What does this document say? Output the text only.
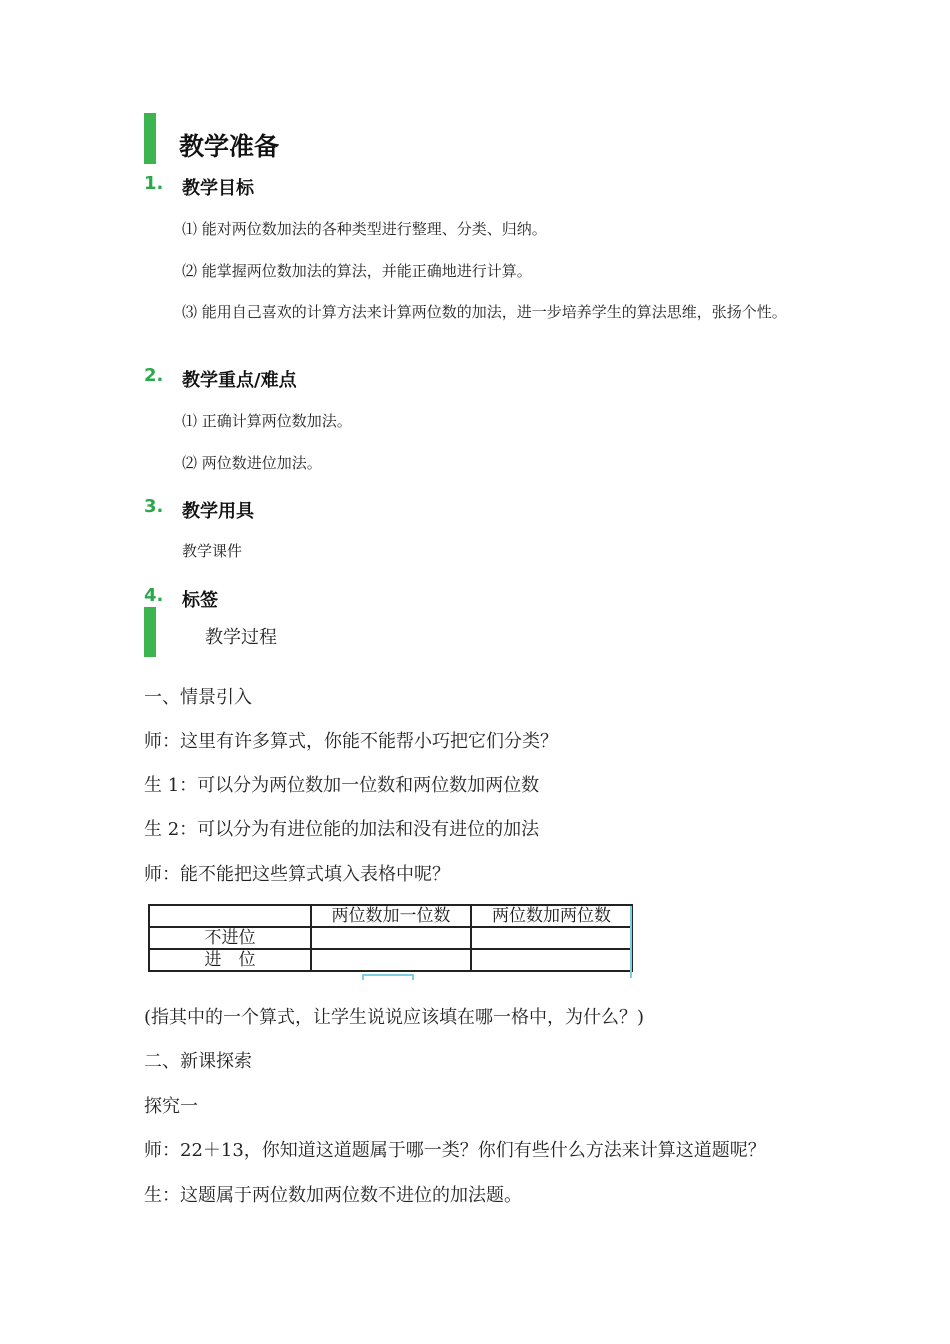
教学准备
1. 教学目标
⑴ 能对两位数加法的各种类型进行整理、分类、归纳。
⑵ 能掌握两位数加法的算法，并能正确地进行计算。
⑶ 能用自己喜欢的计算方法来计算两位数的加法，进一步培养学生的算法思维，张扬个性。
2. 教学重点/难点
⑴ 正确计算两位数加法。
⑵ 两位数进位加法。
3. 教学用具
教学课件
4. 标签
教学过程
一、情景引入
师：这里有许多算式，你能不能帮小巧把它们分类？
生 1：可以分为两位数加一位数和两位数加两位数
生 2：可以分为有进位能的加法和没有进位的加法
师：能不能把这些算式填入表格中呢？
	两位数加一位数	两位数加两位数
不进位		
进　位		
(指其中的一个算式，让学生说说应该填在哪一格中，为什么？)
二、新课探索
探究一
师：22＋13，你知道这道题属于哪一类？你们有些什么方法来计算这道题呢？
生：这题属于两位数加两位数不进位的加法题。
